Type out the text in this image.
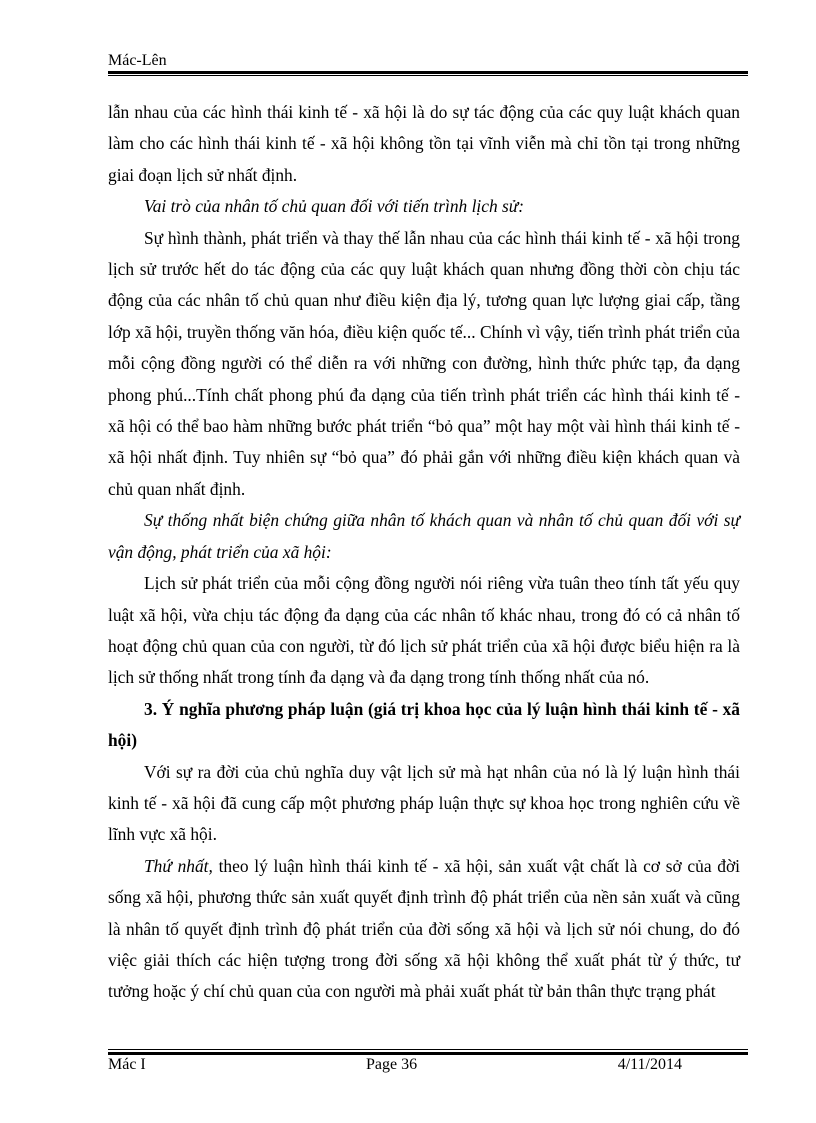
Mác-Lên

lẫn nhau của các hình thái kinh tế - xã hội là do sự tác động của các quy luật khách quan làm cho các hình thái kinh tế - xã hội không tồn tại vĩnh viễn mà chỉ tồn tại trong những giai đoạn lịch sử nhất định.

Vai trò của nhân tố chủ quan đối với tiến trình lịch sử:

Sự hình thành, phát triển và thay thế lẫn nhau của các hình thái kinh tế - xã hội trong lịch sử trước hết do tác động của các quy luật khách quan nhưng đồng thời còn chịu tác động của các nhân tố chủ quan như điều kiện địa lý, tương quan lực lượng giai cấp, tầng lớp xã hội, truyền thống văn hóa, điều kiện quốc tế... Chính vì vậy, tiến trình phát triển của mỗi cộng đồng người có thể diễn ra với những con đường, hình thức phức tạp, đa dạng phong phú...Tính chất phong phú đa dạng của tiến trình phát triển các hình thái kinh tế - xã hội có thể bao hàm những bước phát triển “bỏ qua” một hay một vài hình thái kinh tế - xã hội nhất định. Tuy nhiên sự “bỏ qua” đó phải gắn với những điều kiện khách quan và chủ quan nhất định.

Sự thống nhất biện chứng giữa nhân tố khách quan và nhân tố chủ quan đối với sự vận động, phát triển của xã hội:

Lịch sử phát triển của mỗi cộng đồng người nói riêng vừa tuân theo tính tất yếu quy luật xã hội, vừa chịu tác động đa dạng của các nhân tố khác nhau, trong đó có cả nhân tố hoạt động chủ quan của con người, từ đó lịch sử phát triển của xã hội được biểu hiện ra là lịch sử thống nhất trong tính đa dạng và đa dạng trong tính thống nhất của nó.

3. Ý nghĩa phương pháp luận (giá trị khoa học của lý luận hình thái kinh tế - xã hội)

Với sự ra đời của chủ nghĩa duy vật lịch sử mà hạt nhân của nó là lý luận hình thái kinh tế - xã hội đã cung cấp một phương pháp luận thực sự khoa học trong nghiên cứu về lĩnh vực xã hội.

Thứ nhất, theo lý luận hình thái kinh tế - xã hội, sản xuất vật chất là cơ sở của đời sống xã hội, phương thức sản xuất quyết định trình độ phát triển của nền sản xuất và cũng là nhân tố quyết định trình độ phát triển của đời sống xã hội và lịch sử nói chung, do đó việc giải thích các hiện tượng trong đời sống xã hội không thể xuất phát từ ý thức, tư tưởng hoặc ý chí chủ quan của con người mà phải xuất phát từ bản thân thực trạng phát

Mác I	Page 36	4/11/2014
